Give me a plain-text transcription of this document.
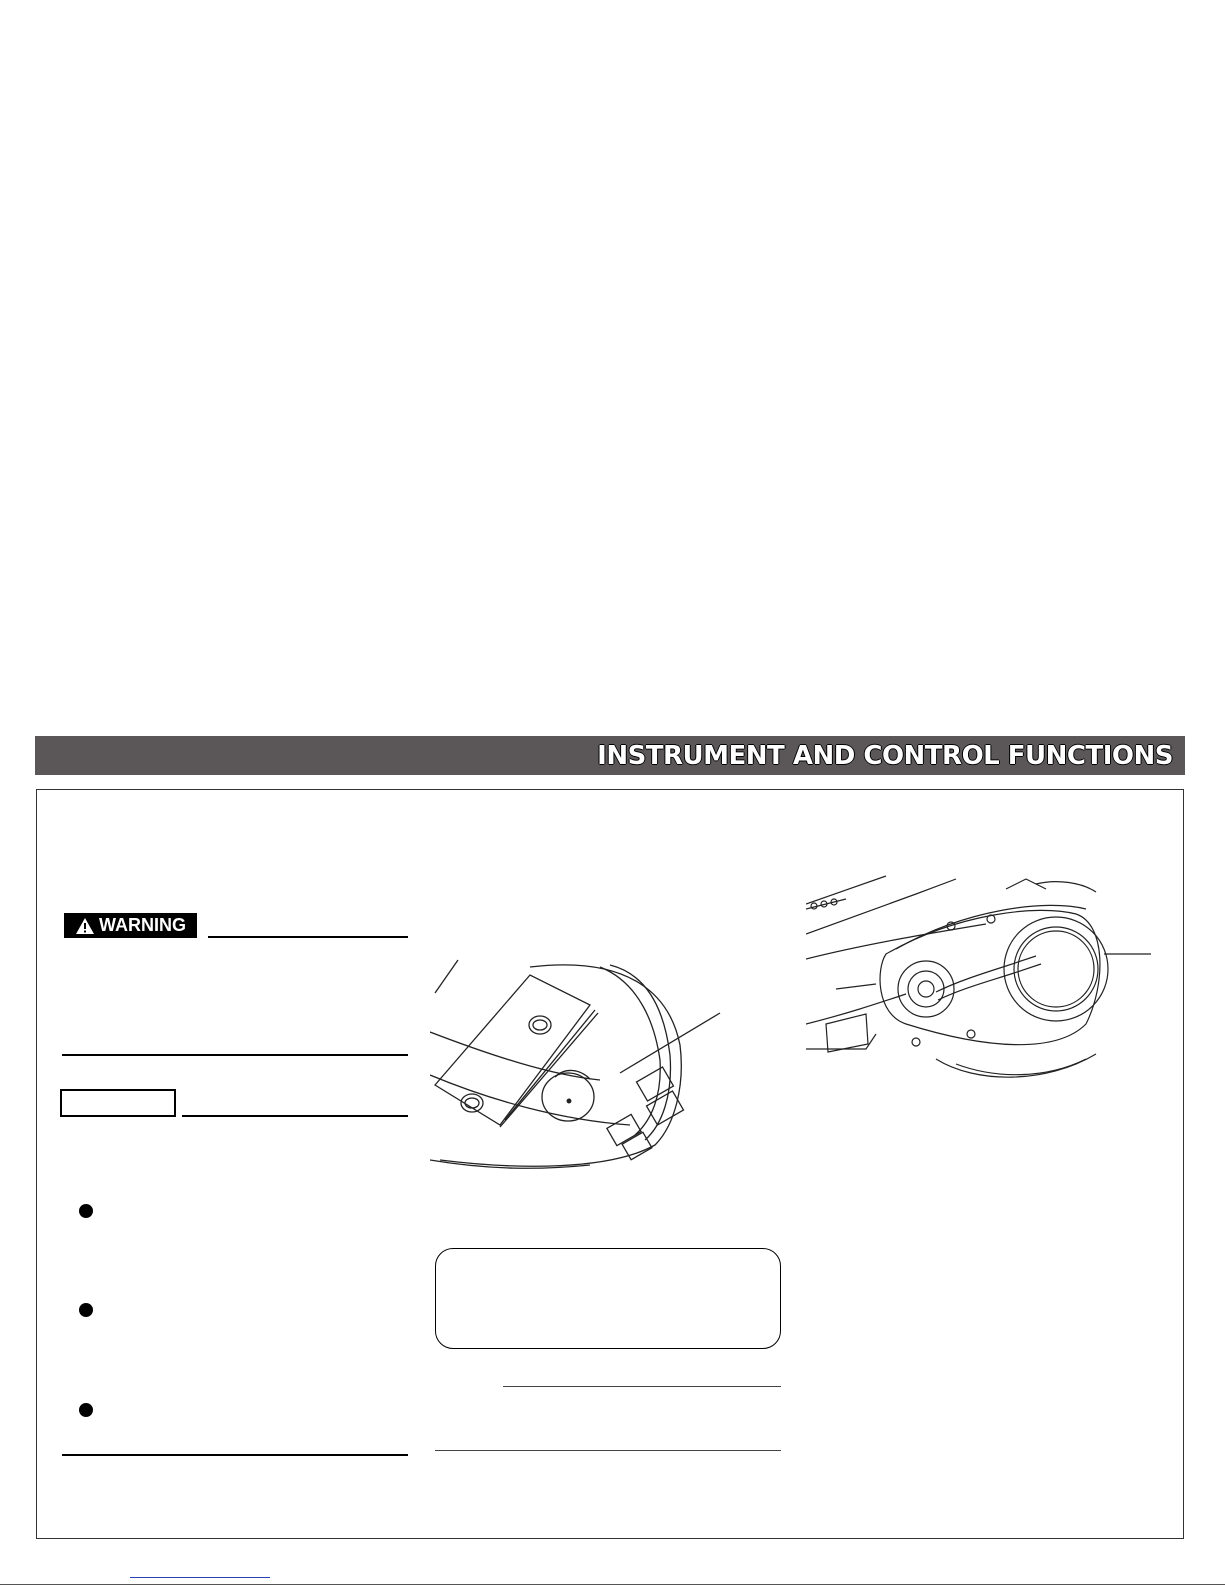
INSTRUMENT AND CONTROL FUNCTIONS
WARNING
